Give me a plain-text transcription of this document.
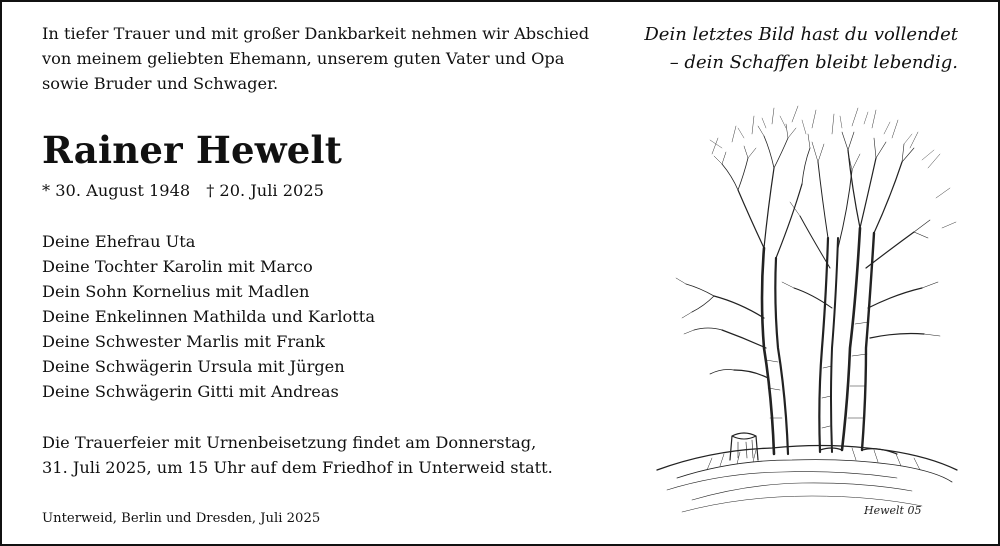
In tiefer Trauer und mit großer Dankbarkeit nehmen wir Abschied
von meinem geliebten Ehemann, unserem guten Vater und Opa
sowie Bruder und Schwager.
Dein letztes Bild hast du vollendet
– dein Schaffen bleibt lebendig.
Rainer Hewelt
* 30. August 1948 † 20. Juli 2025
Deine Ehefrau Uta
Deine Tochter Karolin mit Marco
Dein Sohn Kornelius mit Madlen
Deine Enkelinnen Mathilda und Karlotta
Deine Schwester Marlis mit Frank
Deine Schwägerin Ursula mit Jürgen
Deine Schwägerin Gitti mit Andreas
Die Trauerfeier mit Urnenbeisetzung findet am Donnerstag,
31. Juli 2025, um 15 Uhr auf dem Friedhof in Unterweid statt.
Unterweid, Berlin und Dresden, Juli 2025
Hewelt 05
